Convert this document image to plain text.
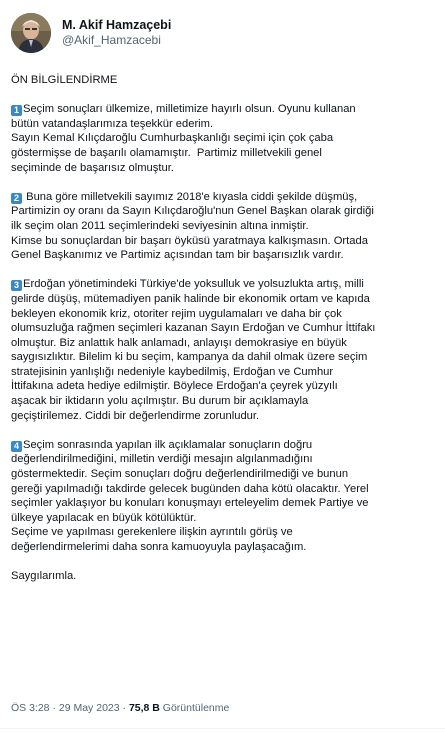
M. Akif Hamzaçebi
@Akif_Hamzacebi

ÖN BİLGİLENDİRME

1 Seçim sonuçları ülkemize, milletimize hayırlı olsun. Oyunu kullanan
bütün vatandaşlarımıza teşekkür ederim.
Sayın Kemal Kılıçdaroğlu Cumhurbaşkanlığı seçimi için çok çaba
göstermişse de başarılı olamamıştır.  Partimiz milletvekili genel
seçiminde de başarısız olmuştur.

2 Buna göre milletvekili sayımız 2018'e kıyasla ciddi şekilde düşmüş,
Partimizin oy oranı da Sayın Kılıçdaroğlu'nun Genel Başkan olarak girdiği
ilk seçim olan 2011 seçimlerindeki seviyesinin altına inmiştir.
Kimse bu sonuçlardan bir başarı öyküsü yaratmaya kalkışmasın. Ortada
Genel Başkanımız ve Partimiz açısından tam bir başarısızlık vardır.

3 Erdoğan yönetimindeki Türkiye'de yoksulluk ve yolsuzlukta artış, milli
gelirde düşüş, mütemadiyen panik halinde bir ekonomik ortam ve kapıda
bekleyen ekonomik kriz, otoriter rejim uygulamaları ve daha bir çok
olumsuzluğa rağmen seçimleri kazanan Sayın Erdoğan ve Cumhur İttifakı
olmuştur. Biz anlattık halk anlamadı, anlayışı demokrasiye en büyük
saygısızlıktır. Bilelim ki bu seçim, kampanya da dahil olmak üzere seçim
stratejisinin yanlışlığı nedeniyle kaybedilmiş, Erdoğan ve Cumhur
İttifakına adeta hediye edilmiştir. Böylece Erdoğan'a çeyrek yüzyılı
aşacak bir iktidarın yolu açılmıştır. Bu durum bir açıklamayla
geçiştirilemez. Ciddi bir değerlendirme zorunludur.

4 Seçim sonrasında yapılan ilk açıklamalar sonuçların doğru
değerlendirilmediğini, milletin verdiği mesajın algılanmadığını
göstermektedir. Seçim sonuçları doğru değerlendirilmediği ve bunun
gereği yapılmadığı takdirde gelecek bugünden daha kötü olacaktır. Yerel
seçimler yaklaşıyor bu konuları konuşmayı erteleyelim demek Partiye ve
ülkeye yapılacak en büyük kötülüktür.
Seçime ve yapılması gerekenlere ilişkin ayrıntılı görüş ve
değerlendirmelerimi daha sonra kamuoyuyla paylaşacağım.

Saygılarımla.

ÖS 3:28 · 29 May 2023 · 75,8 B Görüntülenme
